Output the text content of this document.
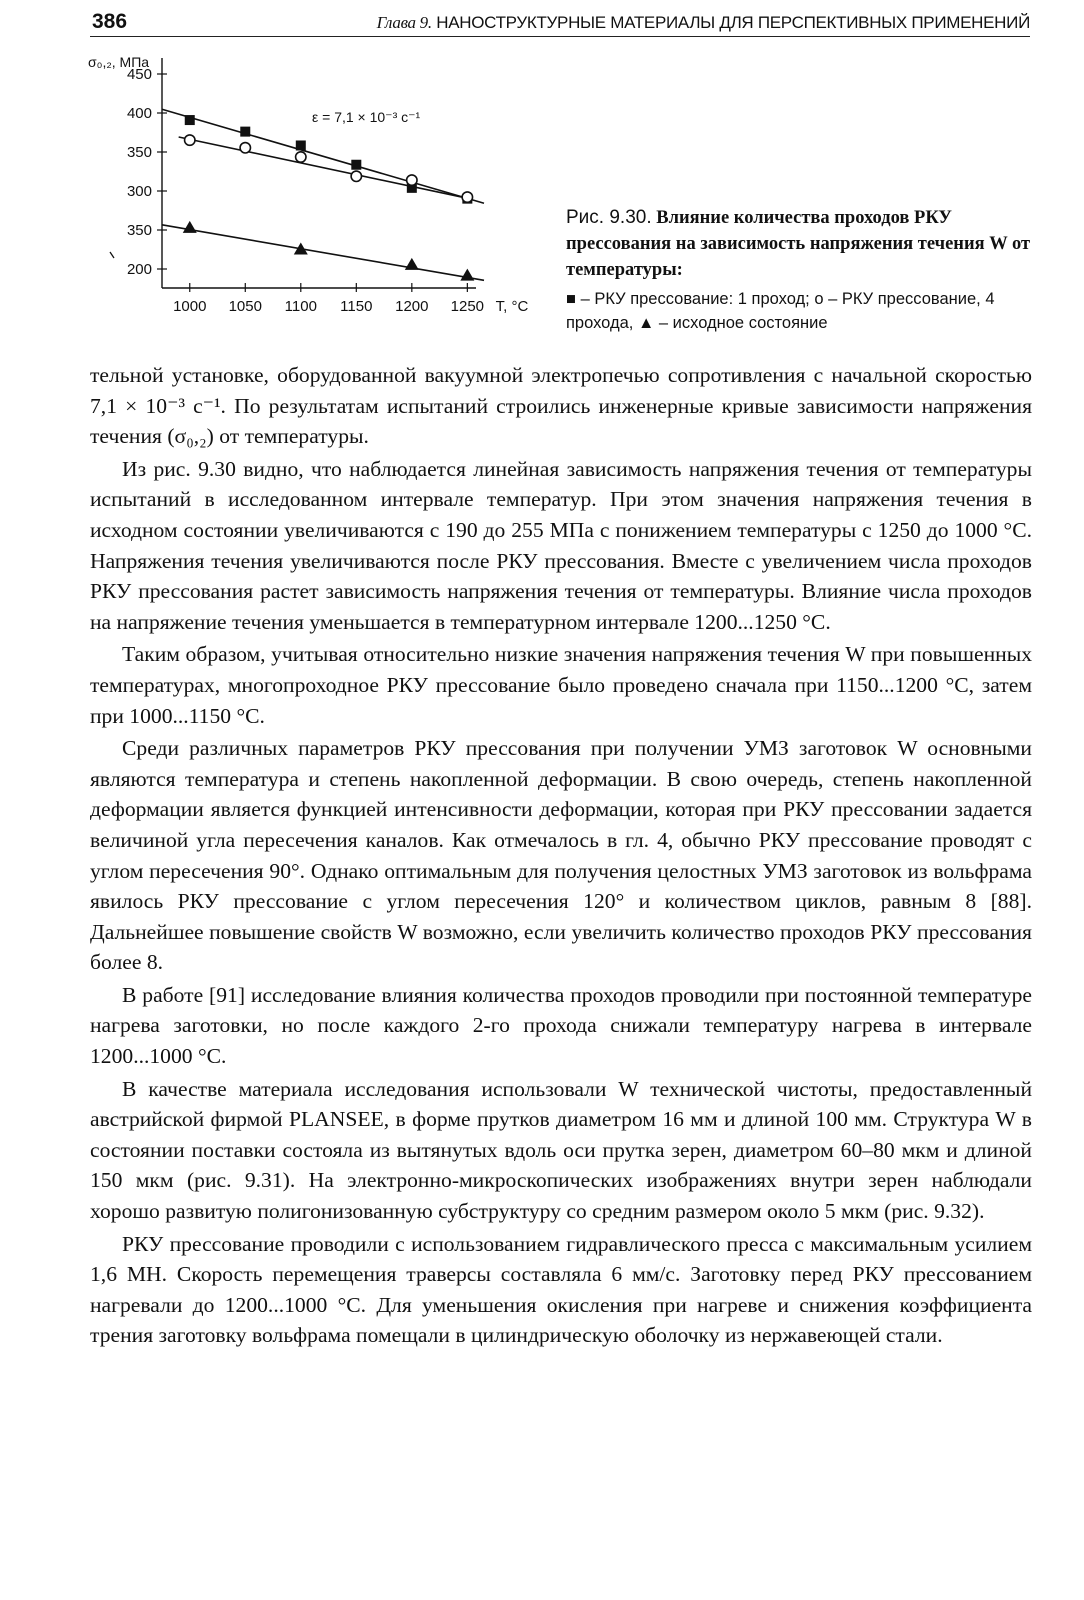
386	Глава 9. НАНОСТРУКТУРНЫЕ МАТЕРИАЛЫ ДЛЯ ПЕРСПЕКТИВНЫХ ПРИМЕНЕНИЙ
450
400
350
300
350
200
1000 1050 1100 1150 1200 1250
σ₀,₂, МПа
T, °C
ε = 7,1 × 10⁻³ с⁻¹
Рис. 9.30. Влияние количества проходов РКУ прессования на зависимость напряжения течения W от температуры:
■ – РКУ прессование: 1 проход; ο – РКУ прессование, 4 прохода, ▲ – исходное состояние

тельной установке, оборудованной вакуумной электропечью сопротивления с начальной скоростью 7,1 × 10⁻³ с⁻¹. По результатам испытаний строились инженерные кривые зависимости напряжения течения (σ₀,₂) от температуры.

Из рис. 9.30 видно, что наблюдается линейная зависимость напряжения течения от температуры испытаний в исследованном интервале температур. При этом значения напряжения течения в исходном состоянии увеличиваются с 190 до 255 МПа с понижением температуры с 1250 до 1000 °С. Напряжения течения увеличиваются после РКУ прессования. Вместе с увеличением числа проходов РКУ прессования растет зависимость напряжения течения от температуры. Влияние числа проходов на напряжение течения уменьшается в температурном интервале 1200...1250 °С.

Таким образом, учитывая относительно низкие значения напряжения течения W при повышенных температурах, многопроходное РКУ прессование было проведено сначала при 1150...1200 °С, затем при 1000...1150 °С.

Среди различных параметров РКУ прессования при получении УМЗ заготовок W основными являются температура и степень накопленной деформации. В свою очередь, степень накопленной деформации является функцией интенсивности деформации, которая при РКУ прессовании задается величиной угла пересечения каналов. Как отмечалось в гл. 4, обычно РКУ прессование проводят с углом пересечения 90°. Однако оптимальным для получения целостных УМЗ заготовок из вольфрама явилось РКУ прессование с углом пересечения 120° и количеством циклов, равным 8 [88]. Дальнейшее повышение свойств W возможно, если увеличить количество проходов РКУ прессования более 8.

В работе [91] исследование влияния количества проходов проводили при постоянной температуре нагрева заготовки, но после каждого 2-го прохода снижали температуру нагрева в интервале 1200...1000 °С.

В качестве материала исследования использовали W технической чистоты, предоставленный австрийской фирмой PLANSEE, в форме прутков диаметром 16 мм и длиной 100 мм. Структура W в состоянии поставки состояла из вытянутых вдоль оси прутка зерен, диаметром 60–80 мкм и длиной 150 мкм (рис. 9.31). На электронно-микроскопических изображениях внутри зерен наблюдали хорошо развитую полигонизованную субструктуру со средним размером около 5 мкм (рис. 9.32).

РКУ прессование проводили с использованием гидравлического пресса с максимальным усилием 1,6 МН. Скорость перемещения траверсы составляла 6 мм/с. Заготовку перед РКУ прессованием нагревали до 1200...1000 °С. Для уменьшения окисления при нагреве и снижения коэффициента трения заготовку вольфрама помещали в цилиндрическую оболочку из нержавеющей стали.
